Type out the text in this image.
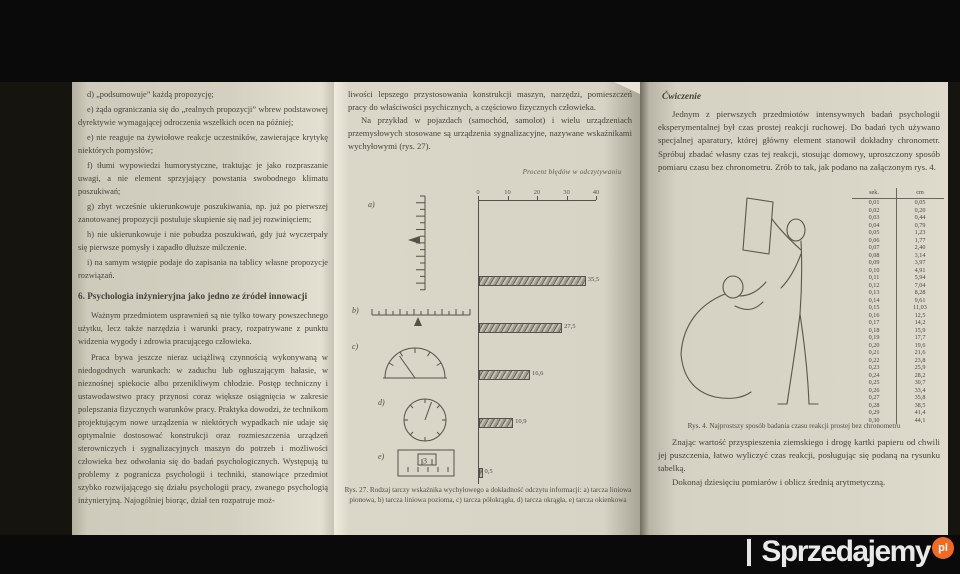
d) „podsumowuje” każdą propozycję;
e) żąda ograniczania się do „realnych propozycji” wbrew podstawowej dyrektywie wymagającej odroczenia wszelkich ocen na później;
e) nie reaguje na żywiołowe reakcje uczestników, zawierające krytykę niektórych pomysłów;
f) tłumi wypowiedzi humorystyczne, traktując je jako rozpraszanie uwagi, a nie element sprzyjający powstania swobodnego klimatu poszukiwań;
g) zbyt wcześnie ukierunkowuje poszukiwania, np. już po pierwszej zanotowanej propozycji postuluje skupienie się nad jej rozwinięciem;
h) nie ukierunkowuje i nie pobudza poszukiwań, gdy już wyczerpały się pierwsze pomysły i zapadło dłuższe milczenie.
i) na samym wstępie podaje do zapisania na tablicy własne propozycje rozwiązań.
6. Psychologia inżynieryjna jako jedno ze źródeł innowacji
Ważnym przedmiotem usprawnień są nie tylko towary powszechnego użytku, lecz także narzędzia i warunki pracy, rozpatrywane z punktu widzenia wygody i zdrowia pracującego człowieka.
Praca bywa jeszcze nieraz uciążliwą czynnością wykonywaną w niedogodnych warunkach: w zaduchu lub ogłuszającym hałasie, w nieznośnej spiekocie albo przenikliwym chłodzie. Postęp techniczny i ustawodawstwo pracy przynosi coraz większe osiągnięcia w zakresie polepszania fizycznych warunków pracy. Praktyka dowodzi, że technikom projektującym nowe urządzenia w niektórych wypadkach nie udaje się optymalnie dostosować konstrukcji oraz rozmieszczenia urządzeń sterowniczych i sygnalizacyjnych maszyn do potrzeb i możliwości człowieka bez odwołania się do badań psychologicznych. Występują tu problemy z pogranicza psychologii i techniki, stanowiące przedmiot szybko rozwijającego się działu psychologii pracy, zwanego psychologią inżynieryjną. Najogólniej biorąc, dział ten rozpatruje moż-
liwości lepszego przystosowania konstrukcji maszyn, narzędzi, pomieszczeń pracy do właściwości psychicznych, a częściowo fizycznych człowieka.
Na przykład w pojazdach (samochód, samolot) i wielu urządzeniach przemysłowych stosowane są urządzenia sygnalizacyjne, nazywane wskaźnikami wychyłowymi (rys. 27).
Procent błędów w odczytywaniu
0	10	20	30	40
35,5
27,5
16,6
10,9
0,5
a)
b)
c)
d)
e)	3
Rys. 27. Rodzaj tarczy wskaźnika wychyłowego a dokładność odczytu informacji: a) tarcza liniowa pionowa, b) tarcza liniowa pozioma, c) tarcza półokrągła, d) tarcza okrągła, e) tarcza okienkowa
Ćwiczenie
Jednym z pierwszych przedmiotów intensywnych badań psychologii eksperymentalnej był czas prostej reakcji ruchowej. Do badań tych używano specjalnej aparatury, której główny element stanowił dokładny chronometr. Spróbuj zbadać własny czas tej reakcji, stosując domowy, uproszczony sposób pomiaru czasu bez chronometru. Zrób to tak, jak podano na załączonym rys. 4.
sek.	cm
0,01	0,05
0,02	0,20
0,03	0,44
0,04	0,79
0,05	1,23
0,06	1,77
0,07	2,40
0,08	3,14
0,09	3,97
0,10	4,91
0,11	5,94
0,12	7,04
0,13	8,28
0,14	9,61
0,15	11,03
0,16	12,5
0,17	14,2
0,18	15,9
0,19	17,7
0,20	19,6
0,21	21,6
0,22	23,8
0,23	25,9
0,24	28,2
0,25	30,7
0,26	33,4
0,27	35,8
0,28	38,5
0,29	41,4
0,30	44,1
Rys. 4. Najprostszy sposób badania czasu reakcji prostej bez chronometru
Znając wartość przyspieszenia ziemskiego i drogę kartki papieru od chwili jej puszczenia, łatwo wyliczyć czas reakcji, posługując się podaną na rysunku tabelką.
Dokonaj dziesięciu pomiarów i oblicz średnią arytmetyczną.
Sprzedajemy pl
